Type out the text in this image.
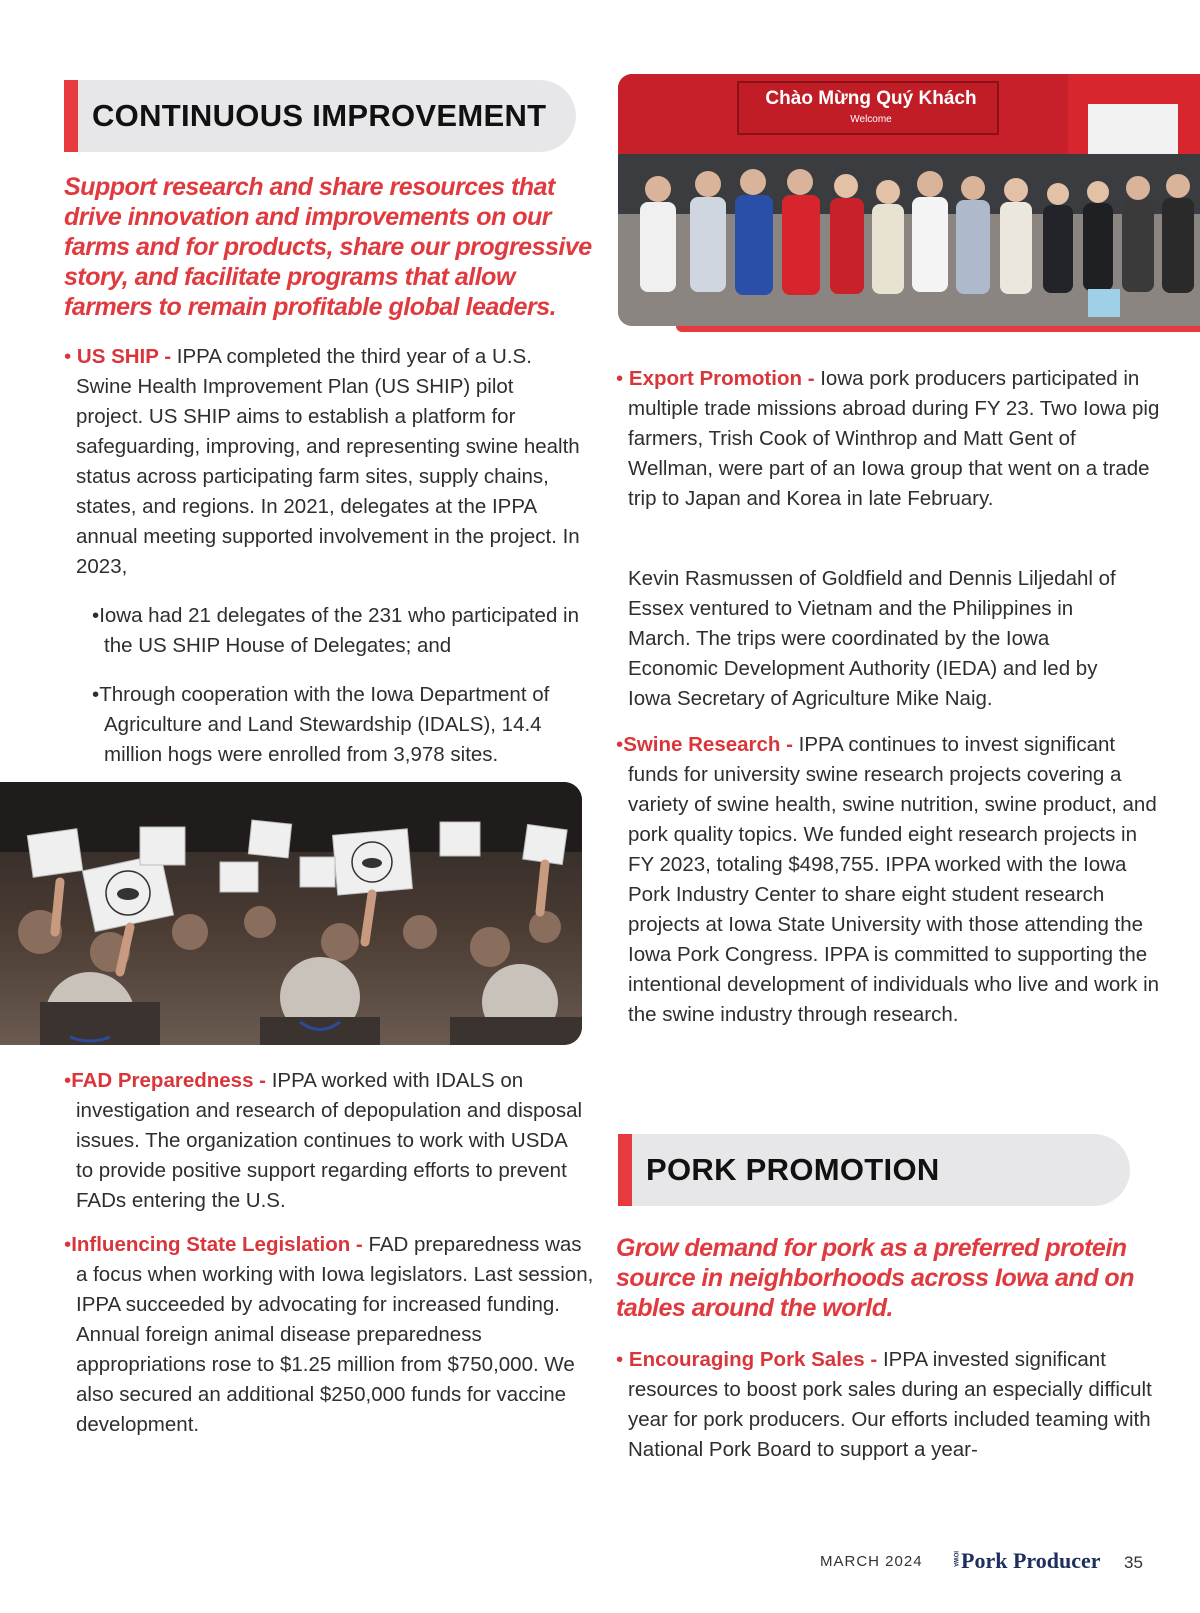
CONTINUOUS IMPROVEMENT
Support research and share resources that drive innovation and improvements on our farms and for products, share our progressive story, and facilitate programs that allow farmers to remain profitable global leaders.
• US SHIP - IPPA completed the third year of a U.S. Swine Health Improvement Plan (US SHIP) pilot project. US SHIP aims to establish a platform for safeguarding, improving, and representing swine health status across participating farm sites, supply chains, states, and regions. In 2021, delegates at the IPPA annual meeting supported involvement in the project. In 2023,
•Iowa had 21 delegates of the 231 who participated in the US SHIP House of Delegates; and
•Through cooperation with the Iowa Department of Agriculture and Land Stewardship (IDALS), 14.4 million hogs were enrolled from 3,978 sites.
•FAD Preparedness - IPPA worked with IDALS on investigation and research of depopulation and disposal issues. The organization continues to work with USDA to provide positive support regarding efforts to prevent FADs entering the U.S.
•Influencing State Legislation - FAD preparedness was a focus when working with Iowa legislators. Last session, IPPA succeeded by advocating for increased funding. Annual foreign animal disease preparedness appropriations rose to $1.25 million from $750,000. We also secured an additional $250,000 funds for vaccine development.
Chào Mừng Quý Khách
Welcome
• Export Promotion - Iowa pork producers participated in multiple trade missions abroad during FY 23. Two Iowa pig farmers, Trish Cook of Winthrop and Matt Gent of Wellman, were part of an Iowa group that went on a trade trip to Japan and Korea in late February.
Kevin Rasmussen of Goldfield and Dennis Liljedahl of Essex ventured to Vietnam and the Philippines in March. The trips were coordinated by the Iowa Economic Development Authority (IEDA) and led by Iowa Secretary of Agriculture Mike Naig.
•Swine Research - IPPA continues to invest significant funds for university swine research projects covering a variety of swine health, swine nutrition, swine product, and pork quality topics. We funded eight research projects in FY 2023, totaling $498,755. IPPA worked with the Iowa Pork Industry Center to share eight student research projects at Iowa State University with those attending the Iowa Pork Congress. IPPA is committed to supporting the intentional development of individuals who live and work in the swine industry through research.
PORK PROMOTION
Grow demand for pork as a preferred protein source in neighborhoods across Iowa and on tables around the world.
• Encouraging Pork Sales - IPPA invested significant resources to boost pork sales during an especially difficult year for pork producers. Our efforts included teaming with National Pork Board to support a year-
MARCH 2024	IOWA Pork Producer 35
